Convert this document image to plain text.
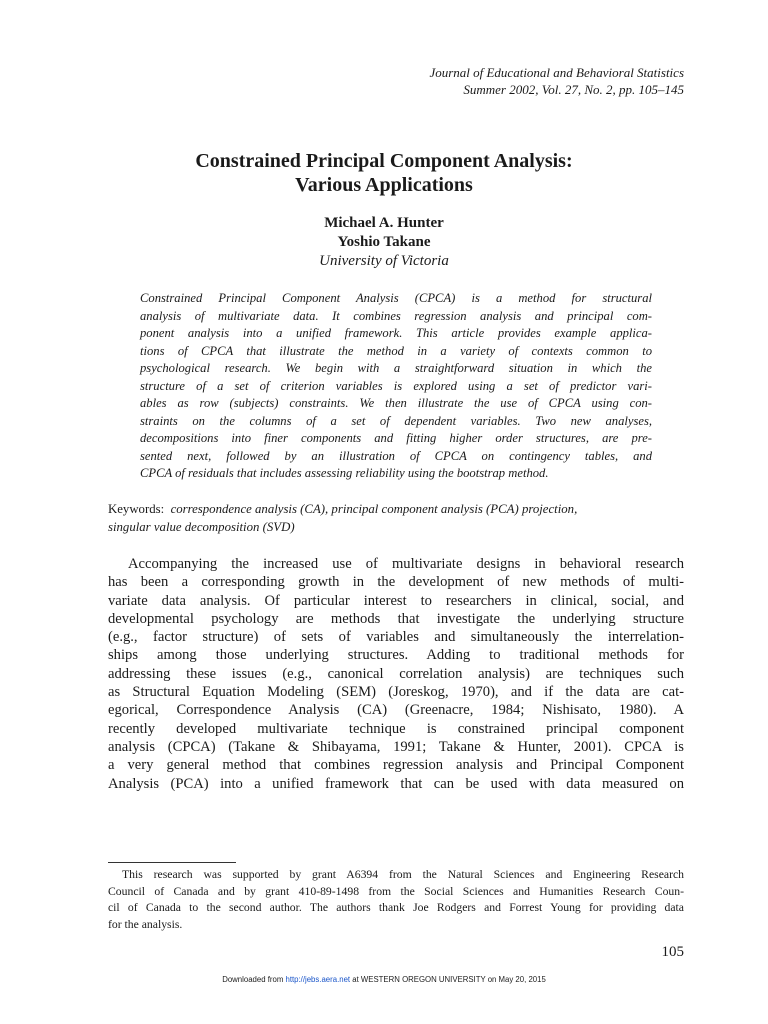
Journal of Educational and Behavioral Statistics
Summer 2002, Vol. 27, No. 2, pp. 105–145
Constrained Principal Component Analysis:
Various Applications
Michael A. Hunter
Yoshio Takane
University of Victoria
Constrained Principal Component Analysis (CPCA) is a method for structural
analysis of multivariate data. It combines regression analysis and principal com-
ponent analysis into a unified framework. This article provides example applica-
tions of CPCA that illustrate the method in a variety of contexts common to
psychological research. We begin with a straightforward situation in which the
structure of a set of criterion variables is explored using a set of predictor vari-
ables as row (subjects) constraints. We then illustrate the use of CPCA using con-
straints on the columns of a set of dependent variables. Two new analyses,
decompositions into finer components and fitting higher order structures, are pre-
sented next, followed by an illustration of CPCA on contingency tables, and
CPCA of residuals that includes assessing reliability using the bootstrap method.
Keywords: correspondence analysis (CA), principal component analysis (PCA) projection,
singular value decomposition (SVD)
Accompanying the increased use of multivariate designs in behavioral research
has been a corresponding growth in the development of new methods of multi-
variate data analysis. Of particular interest to researchers in clinical, social, and
developmental psychology are methods that investigate the underlying structure
(e.g., factor structure) of sets of variables and simultaneously the interrelation-
ships among those underlying structures. Adding to traditional methods for
addressing these issues (e.g., canonical correlation analysis) are techniques such
as Structural Equation Modeling (SEM) (Joreskog, 1970), and if the data are cat-
egorical, Correspondence Analysis (CA) (Greenacre, 1984; Nishisato, 1980). A
recently developed multivariate technique is constrained principal component
analysis (CPCA) (Takane & Shibayama, 1991; Takane & Hunter, 2001). CPCA is
a very general method that combines regression analysis and Principal Component
Analysis (PCA) into a unified framework that can be used with data measured on
This research was supported by grant A6394 from the Natural Sciences and Engineering Research
Council of Canada and by grant 410-89-1498 from the Social Sciences and Humanities Research Coun-
cil of Canada to the second author. The authors thank Joe Rodgers and Forrest Young for providing data
for the analysis.
105
Downloaded from http://jebs.aera.net at WESTERN OREGON UNIVERSITY on May 20, 2015
